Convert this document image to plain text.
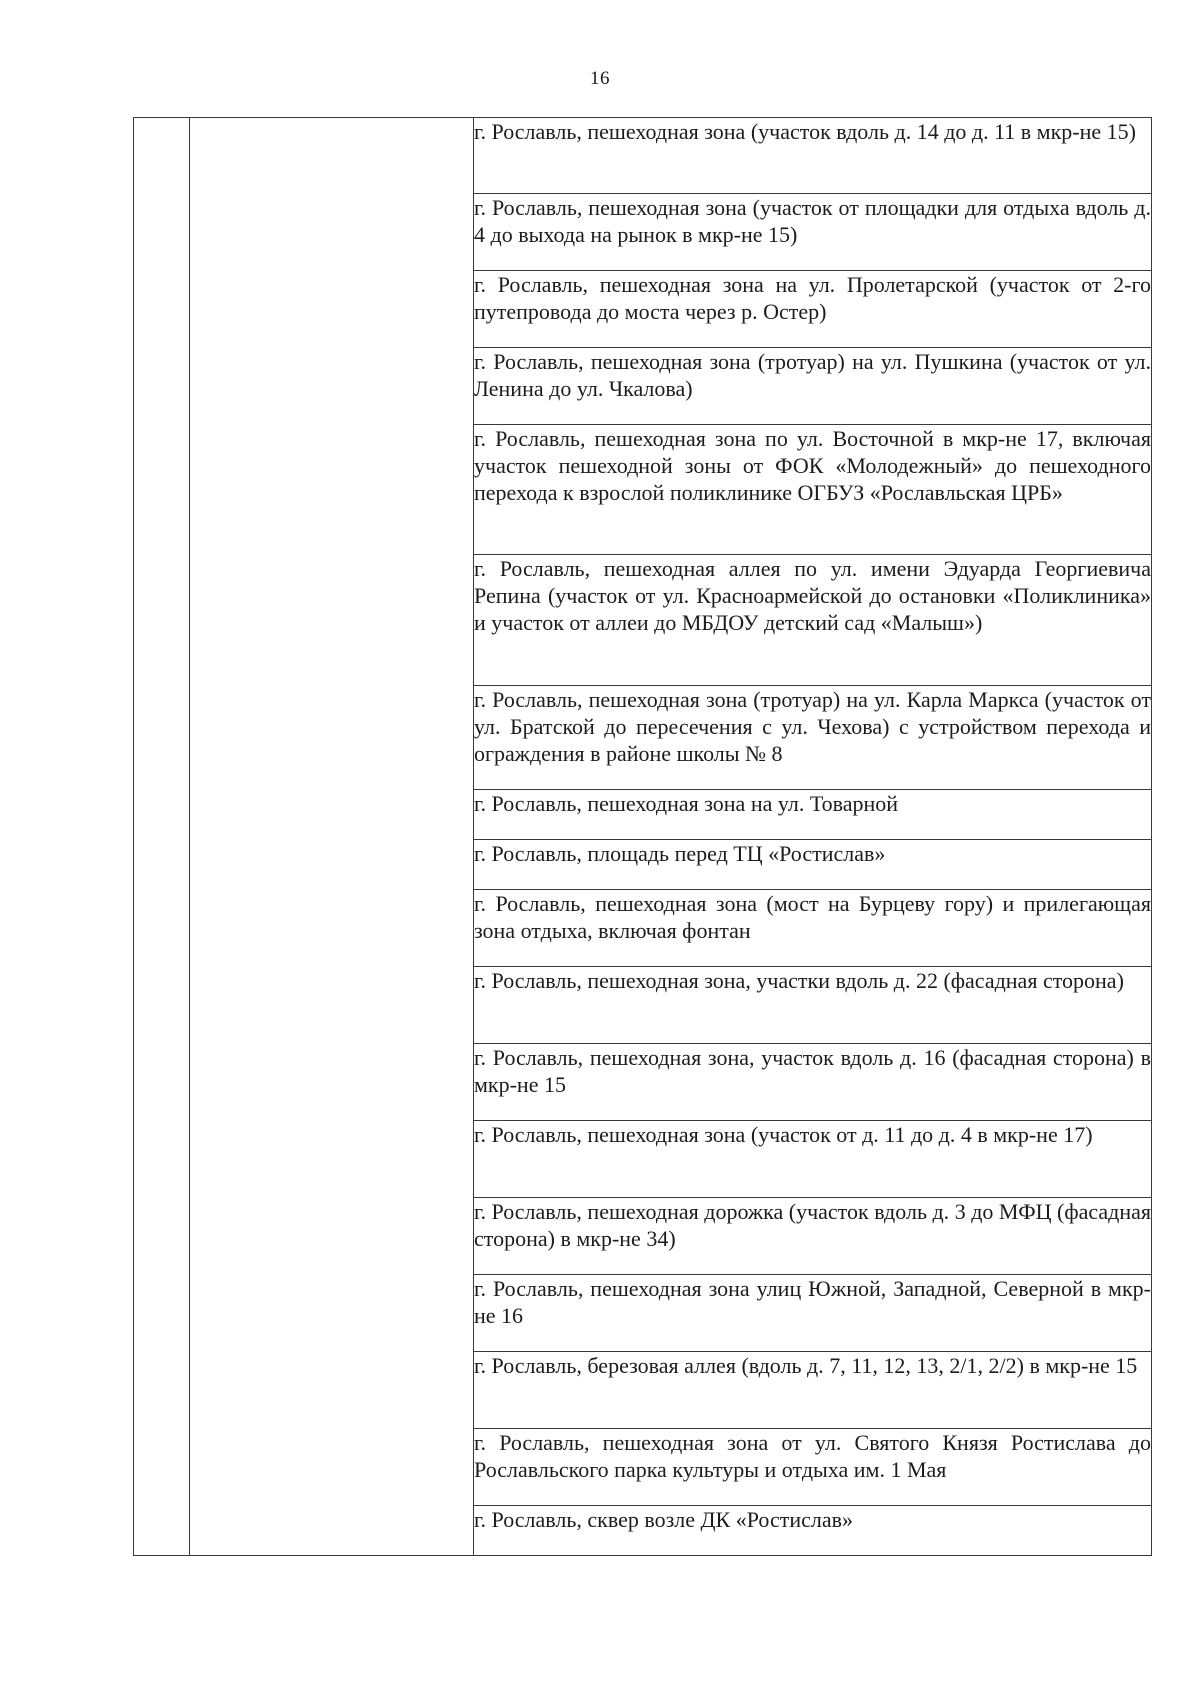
16
		г. Рославль, пешеходная зона (участок вдоль д. 14 до д. 11 в мкр-не 15)
г. Рославль, пешеходная зона (участок от площадки для отдыха вдоль д. 4 до выхода на рынок в мкр-не 15)
г. Рославль, пешеходная зона на ул. Пролетарской (участок от 2-го путепровода до моста через р. Остер)
г. Рославль, пешеходная зона (тротуар) на ул. Пушкина (участок от ул. Ленина до ул. Чкалова)
г. Рославль, пешеходная зона по ул. Восточной в мкр-не 17, включая участок пешеходной зоны от ФОК «Молодежный» до пешеходного перехода к взрослой поликлинике ОГБУЗ «Рославльская ЦРБ»
г. Рославль, пешеходная аллея по ул. имени Эдуарда Георгиевича Репина (участок от ул. Красноармейской до остановки «Поликлиника» и участок от аллеи до МБДОУ детский сад «Малыш»)
г. Рославль, пешеходная зона (тротуар) на ул. Карла Маркса (участок от ул. Братской до пересечения с ул. Чехова) с устройством перехода и ограждения в районе школы № 8
г. Рославль, пешеходная зона на ул. Товарной
г. Рославль, площадь перед ТЦ «Ростислав»
г. Рославль, пешеходная зона (мост на Бурцеву гору) и прилегающая зона отдыха, включая фонтан
г. Рославль, пешеходная зона, участки вдоль д. 22 (фасадная сторона)
г. Рославль, пешеходная зона, участок вдоль д. 16 (фасадная сторона) в мкр-не 15
г. Рославль, пешеходная зона (участок от д. 11 до д. 4 в мкр-не 17)
г. Рославль, пешеходная дорожка (участок вдоль д. 3 до МФЦ (фасадная сторона) в мкр-не 34)
г. Рославль, пешеходная зона улиц Южной, Западной, Северной в мкр-не 16
г. Рославль, березовая аллея (вдоль д. 7, 11, 12, 13, 2/1, 2/2) в мкр-не 15
г. Рославль, пешеходная зона от ул. Святого Князя Ростислава до Рославльского парка культуры и отдыха им. 1 Мая
г. Рославль, сквер возле ДК «Ростислав»
